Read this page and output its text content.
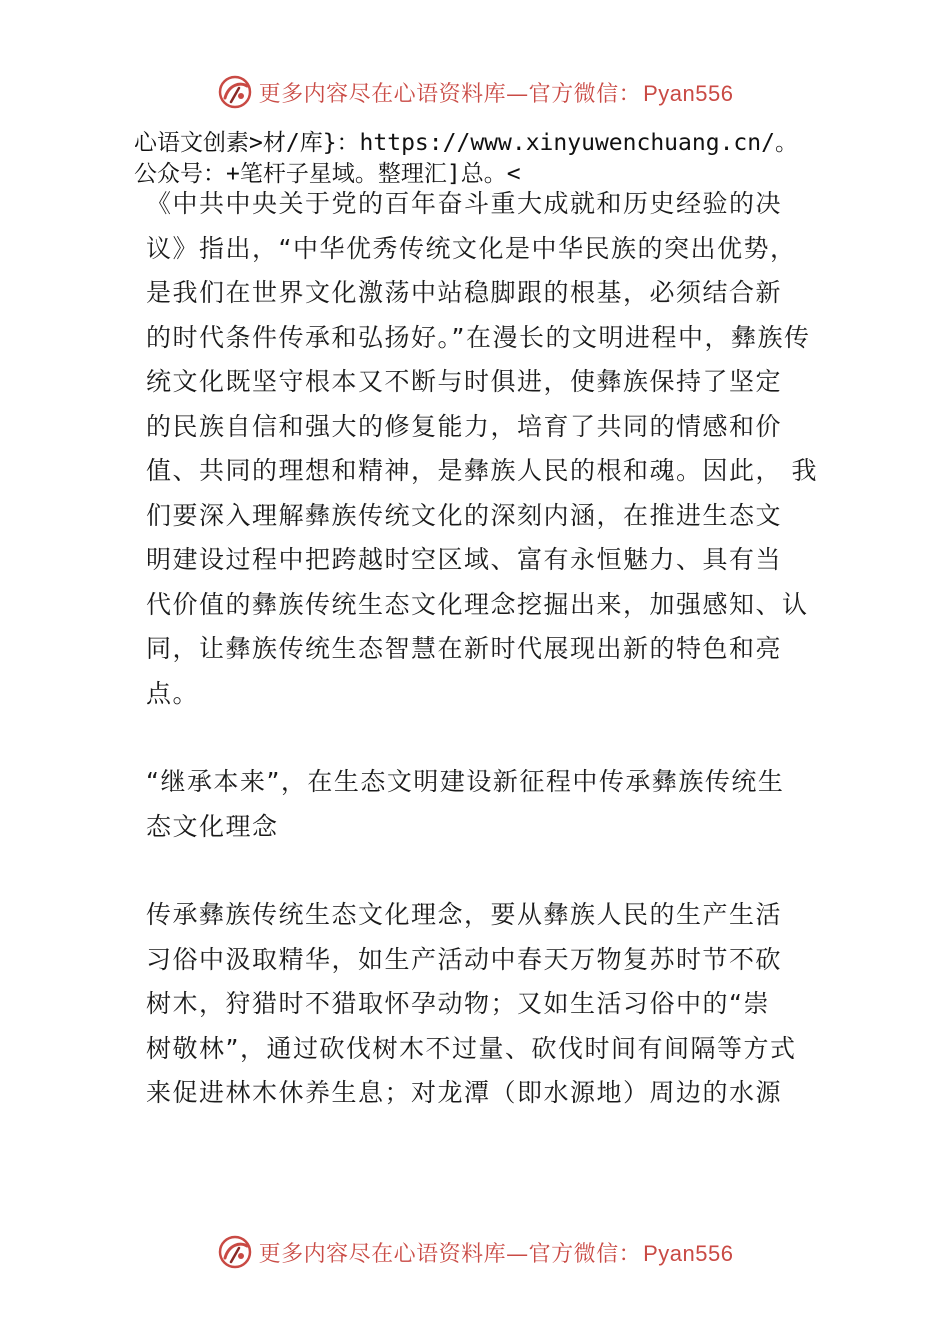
更多内容尽在心语资料库—官方微信：Pyan556
心语文创素>材/库}：https://www.xinyuwenchuang.cn/。
公众号：+笔杆子星域。整理汇]总。<

《中共中央关于党的百年奋斗重大成就和历史经验的决
议》指出，“中华优秀传统文化是中华民族的突出优势，
是我们在世界文化激荡中站稳脚跟的根基，必须结合新
的时代条件传承和弘扬好。”在漫长的文明进程中，彝族传
统文化既坚守根本又不断与时俱进，使彝族保持了坚定
的民族自信和强大的修复能力，培育了共同的情感和价
值、共同的理想和精神，是彝族人民的根和魂。因此， 我
们要深入理解彝族传统文化的深刻内涵，在推进生态文
明建设过程中把跨越时空区域、富有永恒魅力、具有当
代价值的彝族传统生态文化理念挖掘出来，加强感知、认
同，让彝族传统生态智慧在新时代展现出新的特色和亮
点。

“继承本来”，在生态文明建设新征程中传承彝族传统生
态文化理念

传承彝族传统生态文化理念，要从彝族人民的生产生活
习俗中汲取精华，如生产活动中春天万物复苏时节不砍
树木，狩猎时不猎取怀孕动物；又如生活习俗中的“崇
树敬林”，通过砍伐树木不过量、砍伐时间有间隔等方式
来促进林木休养生息；对龙潭（即水源地）周边的水源

更多内容尽在心语资料库—官方微信：Pyan556
